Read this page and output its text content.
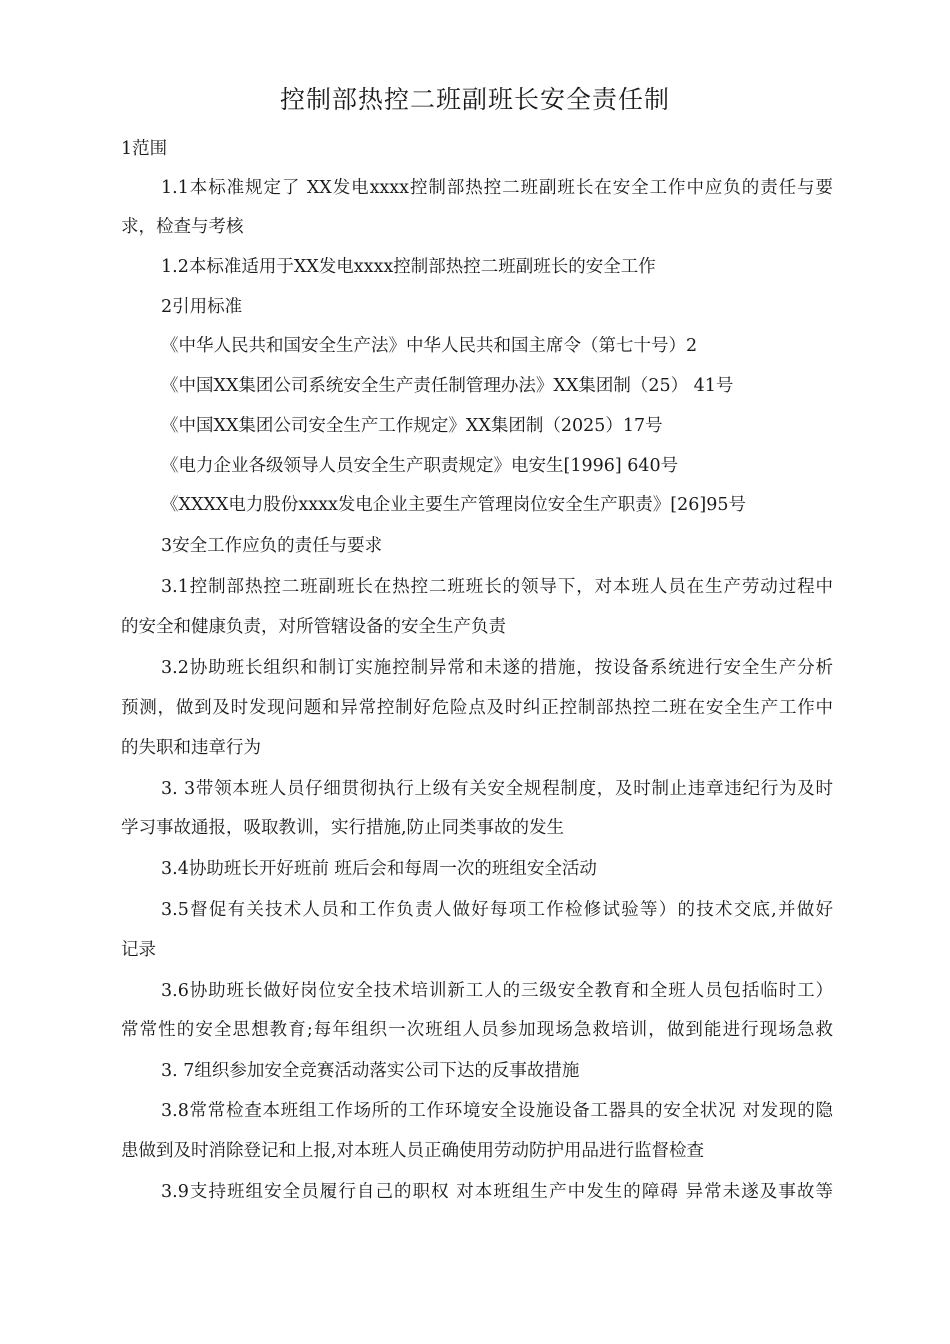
控制部热控二班副班长安全责任制
1范围
1.1本标准规定了 XX发电xxxx控制部热控二班副班长在安全工作中应负的责任与要
求，检查与考核
1.2本标准适用于XX发电xxxx控制部热控二班副班长的安全工作
2引用标准
《中华人民共和国安全生产法》中华人民共和国主席令（第七十号）2
《中国XX集团公司系统安全生产责任制管理办法》XX集团制（25） 41号
《中国XX集团公司安全生产工作规定》XX集团制（2025）17号
《电力企业各级领导人员安全生产职责规定》电安生[1996] 640号
《XXXX电力股份xxxx发电企业主要生产管理岗位安全生产职责》[26]95号
3安全工作应负的责任与要求
3.1控制部热控二班副班长在热控二班班长的领导下，对本班人员在生产劳动过程中
的安全和健康负责，对所管辖设备的安全生产负责
3.2协助班长组织和制订实施控制异常和未遂的措施，按设备系统进行安全生产分析
预测，做到及时发现问题和异常控制好危险点及时纠正控制部热控二班在安全生产工作中
的失职和违章行为
3. 3带领本班人员仔细贯彻执行上级有关安全规程制度，及时制止违章违纪行为及时
学习事故通报，吸取教训，实行措施,防止同类事故的发生
3.4协助班长开好班前 班后会和每周一次的班组安全活动
3.5督促有关技术人员和工作负责人做好每项工作检修试验等）的技术交底,并做好
记录
3.6协助班长做好岗位安全技术培训新工人的三级安全教育和全班人员包括临时工）
常常性的安全思想教育;每年组织一次班组人员参加现场急救培训，做到能进行现场急救
3. 7组织参加安全竞赛活动落实公司下达的反事故措施
3.8常常检查本班组工作场所的工作环境安全设施设备工器具的安全状况 对发现的隐
患做到及时消除登记和上报,对本班人员正确使用劳动防护用品进行监督检查
3.9支持班组安全员履行自己的职权 对本班组生产中发生的障碍 异常未遂及事故等
